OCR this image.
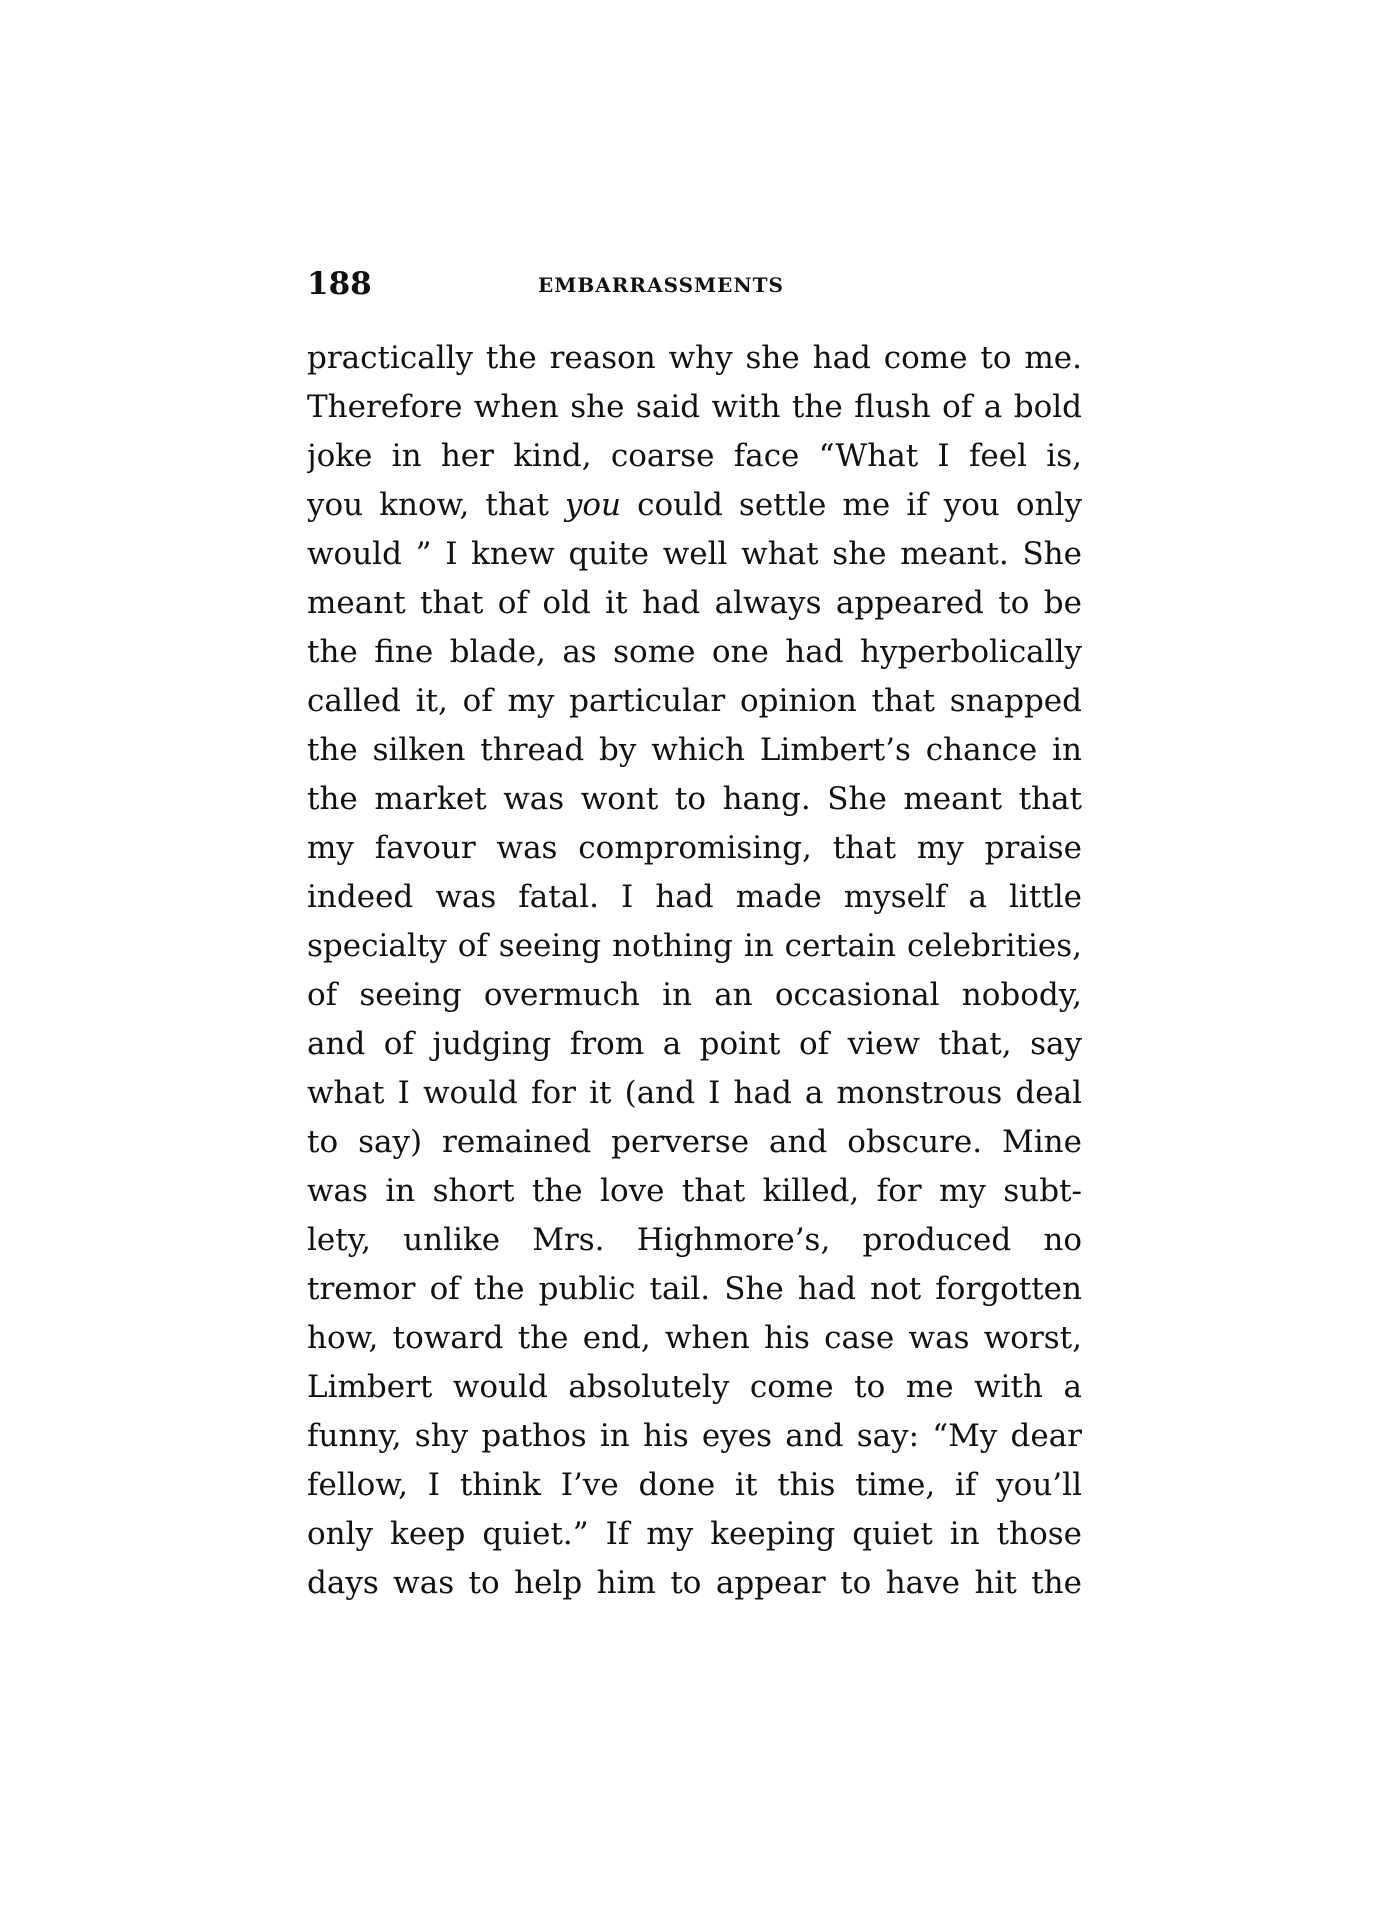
188	EMBARRASSMENTS
practically the reason why she had come to me.
Therefore when she said with the flush of a bold
joke in her kind, coarse face “What I feel is,
you know, that you could settle me if you only
would ” I knew quite well what she meant. She
meant that of old it had always appeared to be
the fine blade, as some one had hyperbolically
called it, of my particular opinion that snapped
the silken thread by which Limbert’s chance in
the market was wont to hang. She meant that
my favour was compromising, that my praise
indeed was fatal. I had made myself a little
specialty of seeing nothing in certain celebrities,
of seeing overmuch in an occasional nobody,
and of judging from a point of view that, say
what I would for it (and I had a monstrous deal
to say) remained perverse and obscure. Mine
was in short the love that killed, for my subt-
lety, unlike Mrs. Highmore’s, produced no
tremor of the public tail. She had not forgotten
how, toward the end, when his case was worst,
Limbert would absolutely come to me with a
funny, shy pathos in his eyes and say: “My dear
fellow, I think I’ve done it this time, if you’ll
only keep quiet.” If my keeping quiet in those
days was to help him to appear to have hit the
